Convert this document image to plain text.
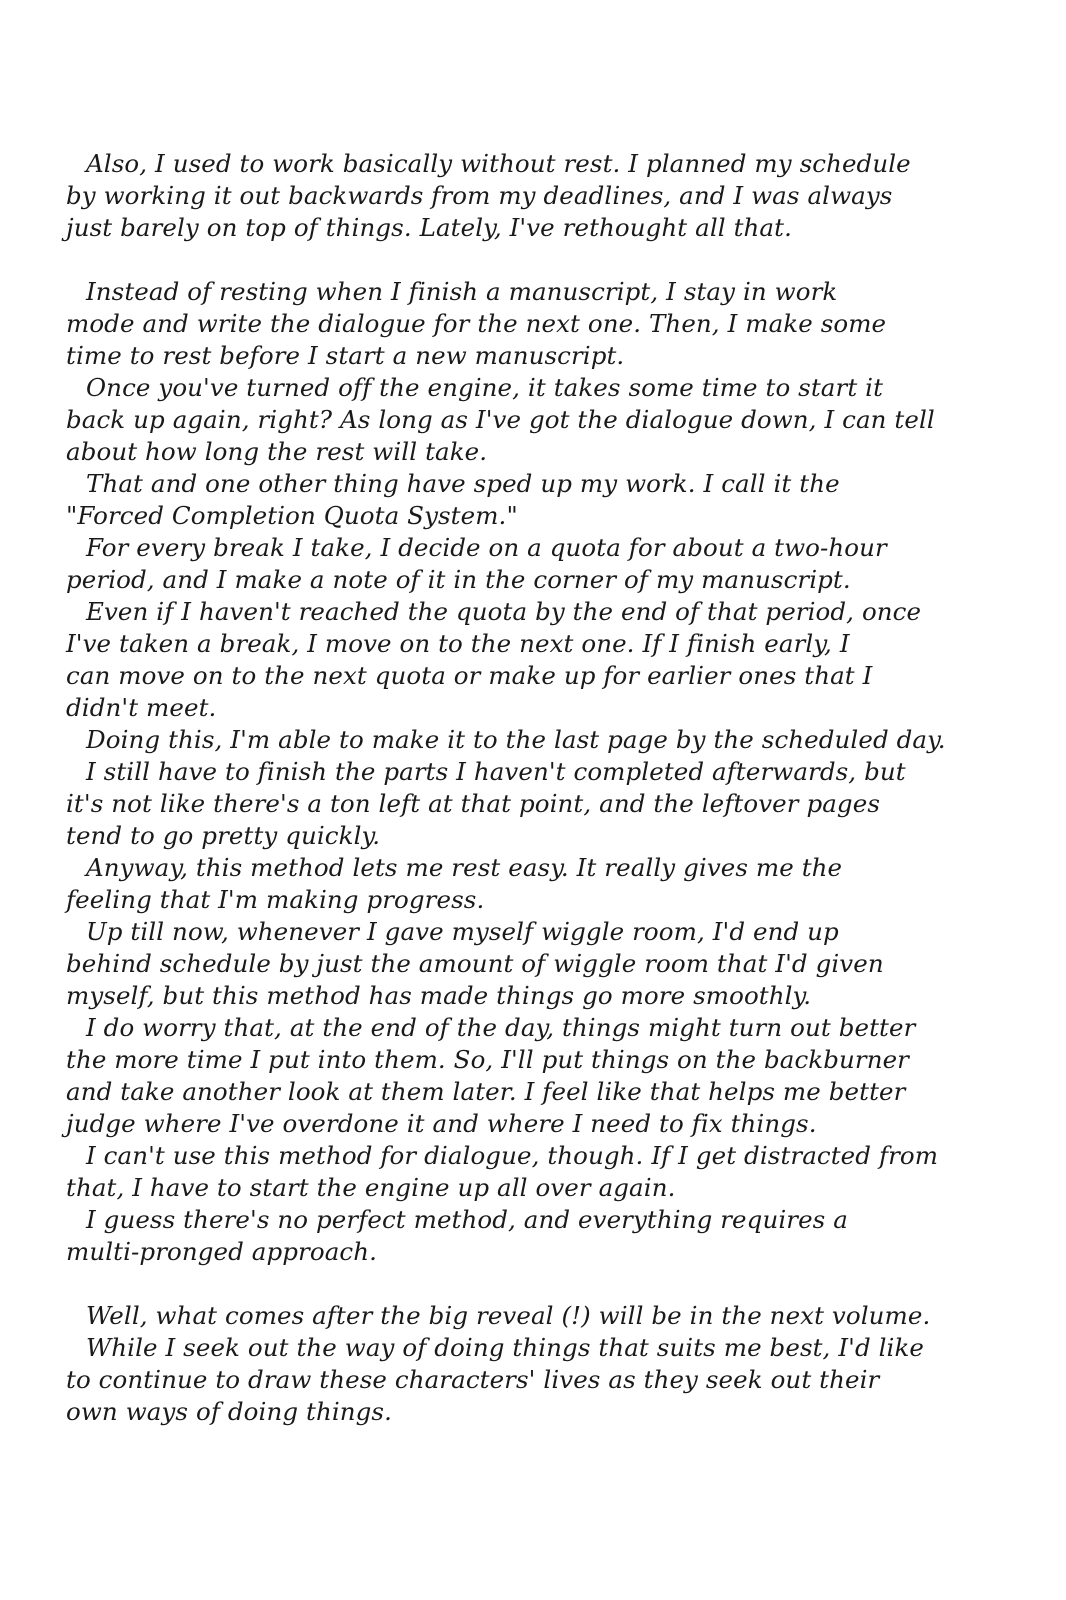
Also, I used to work basically without rest. I planned my schedule
by working it out backwards from my deadlines, and I was always
just barely on top of things. Lately, I've rethought all that.

Instead of resting when I finish a manuscript, I stay in work
mode and write the dialogue for the next one. Then, I make some
time to rest before I start a new manuscript.
Once you've turned off the engine, it takes some time to start it
back up again, right? As long as I've got the dialogue down, I can tell
about how long the rest will take.
That and one other thing have sped up my work. I call it the
"Forced Completion Quota System."
For every break I take, I decide on a quota for about a two-hour
period, and I make a note of it in the corner of my manuscript.
Even if I haven't reached the quota by the end of that period, once
I've taken a break, I move on to the next one. If I finish early, I
can move on to the next quota or make up for earlier ones that I
didn't meet.
Doing this, I'm able to make it to the last page by the scheduled day.
I still have to finish the parts I haven't completed afterwards, but
it's not like there's a ton left at that point, and the leftover pages
tend to go pretty quickly.
Anyway, this method lets me rest easy. It really gives me the
feeling that I'm making progress.
Up till now, whenever I gave myself wiggle room, I'd end up
behind schedule by just the amount of wiggle room that I'd given
myself, but this method has made things go more smoothly.
I do worry that, at the end of the day, things might turn out better
the more time I put into them. So, I'll put things on the backburner
and take another look at them later. I feel like that helps me better
judge where I've overdone it and where I need to fix things.
I can't use this method for dialogue, though. If I get distracted from
that, I have to start the engine up all over again.
I guess there's no perfect method, and everything requires a
multi-pronged approach.

Well, what comes after the big reveal (!) will be in the next volume.
While I seek out the way of doing things that suits me best, I'd like
to continue to draw these characters' lives as they seek out their
own ways of doing things.
